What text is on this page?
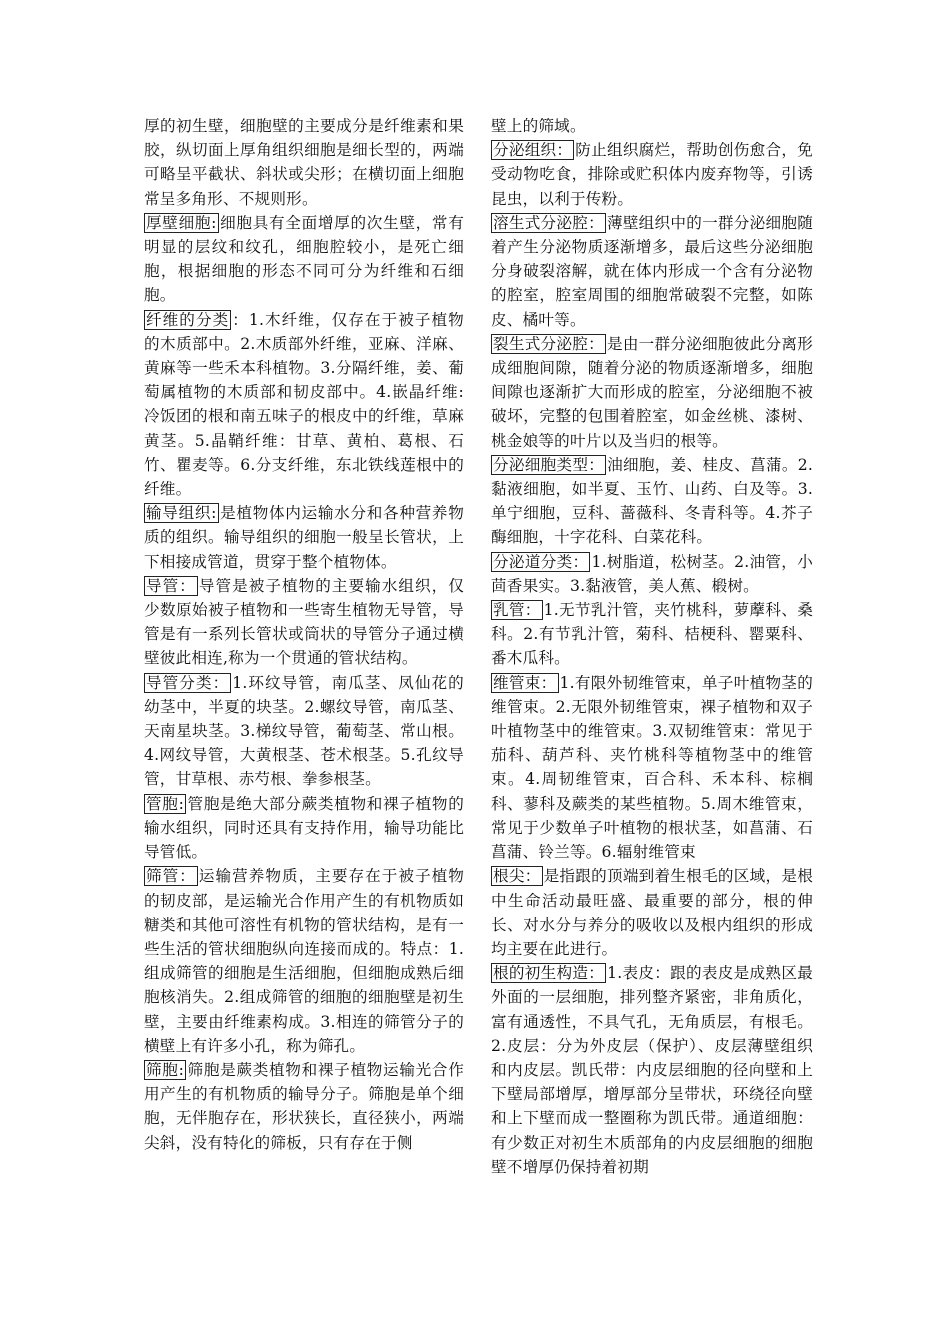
厚的初生壁，细胞壁的主要成分是纤维素和果胶，纵切面上厚角组织细胞是细长型的，两端可略呈平截状、斜状或尖形；在横切面上细胞常呈多角形、不规则形。

厚壁细胞: 细胞具有全面增厚的次生壁，常有明显的层纹和纹孔，细胞腔较小，是死亡细胞，根据细胞的形态不同可分为纤维和石细胞。

纤维的分类 ：1.木纤维，仅存在于被子植物的木质部中。2.木质部外纤维，亚麻、洋麻、黄麻等一些禾本科植物。3.分隔纤维，姜、葡萄属植物的木质部和韧皮部中。4.嵌晶纤维:冷饭团的根和南五味子的根皮中的纤维，草麻黄茎。5.晶鞘纤维：甘草、黄柏、葛根、石竹、瞿麦等。6.分支纤维，东北铁线莲根中的纤维。

输导组织: 是植物体内运输水分和各种营养物质的组织。输导组织的细胞一般呈长管状，上下相接成管道，贯穿于整个植物体。

导管： 导管是被子植物的主要输水组织，仅少数原始被子植物和一些寄生植物无导管，导管是有一系列长管状或筒状的导管分子通过横壁彼此相连,称为一个贯通的管状结构。

导管分类： 1.环纹导管，南瓜茎、凤仙花的幼茎中，半夏的块茎。2.螺纹导管，南瓜茎、天南星块茎。3.梯纹导管，葡萄茎、常山根。4.网纹导管，大黄根茎、苍术根茎。5.孔纹导管，甘草根、赤芍根、拳参根茎。

管胞: 管胞是绝大部分蕨类植物和裸子植物的输水组织，同时还具有支持作用，输导功能比导管低。

筛管： 运输营养物质，主要存在于被子植物的韧皮部，是运输光合作用产生的有机物质如糖类和其他可溶性有机物的管状结构，是有一些生活的管状细胞纵向连接而成的。特点：1.组成筛管的细胞是生活细胞，但细胞成熟后细胞核消失。2.组成筛管的细胞的细胞壁是初生壁，主要由纤维素构成。3.相连的筛管分子的横壁上有许多小孔，称为筛孔。

筛胞: 筛胞是蕨类植物和裸子植物运输光合作用产生的有机物质的输导分子。筛胞是单个细胞，无伴胞存在，形状狭长，直径狭小，两端尖斜，没有特化的筛板，只有存在于侧

壁上的筛域。

分泌组织： 防止组织腐烂，帮助创伤愈合，免受动物吃食，排除或贮积体内废弃物等，引诱昆虫，以利于传粉。

溶生式分泌腔： 薄壁组织中的一群分泌细胞随着产生分泌物质逐渐增多，最后这些分泌细胞分身破裂溶解，就在体内形成一个含有分泌物的腔室，腔室周围的细胞常破裂不完整，如陈皮、橘叶等。

裂生式分泌腔： 是由一群分泌细胞彼此分离形成细胞间隙，随着分泌的物质逐渐增多，细胞间隙也逐渐扩大而形成的腔室，分泌细胞不被破坏，完整的包围着腔室，如金丝桃、漆树、桃金娘等的叶片以及当归的根等。

分泌细胞类型： 油细胞，姜、桂皮、菖蒲。2.黏液细胞，如半夏、玉竹、山药、白及等。3.单宁细胞，豆科、蔷薇科、冬青科等。4.芥子酶细胞，十字花科、白菜花科。

分泌道分类： 1.树脂道，松树茎。2.油管，小茴香果实。3.黏液管，美人蕉、椴树。

乳管： 1.无节乳汁管，夹竹桃科，萝藦科、桑科。2.有节乳汁管，菊科、桔梗科、罂粟科、番木瓜科。

维管束： 1.有限外韧维管束，单子叶植物茎的维管束。2.无限外韧维管束，裸子植物和双子叶植物茎中的维管束。3.双韧维管束：常见于茄科、葫芦科、夹竹桃科等植物茎中的维管束。4.周韧维管束，百合科、禾本科、棕榈科、蓼科及蕨类的某些植物。5.周木维管束，常见于少数单子叶植物的根状茎，如菖蒲、石菖蒲、铃兰等。6.辐射维管束

根尖： 是指跟的顶端到着生根毛的区域，是根中生命活动最旺盛、最重要的部分，根的伸长、对水分与养分的吸收以及根内组织的形成均主要在此进行。

根的初生构造： 1.表皮：跟的表皮是成熟区最外面的一层细胞，排列整齐紧密，非角质化，富有通透性，不具气孔，无角质层，有根毛。2.皮层：分为外皮层（保护）、皮层薄壁组织和内皮层。凯氏带：内皮层细胞的径向壁和上下壁局部增厚，增厚部分呈带状，环绕径向壁和上下壁而成一整圈称为凯氏带。通道细胞：有少数正对初生木质部角的内皮层细胞的细胞壁不增厚仍保持着初期
